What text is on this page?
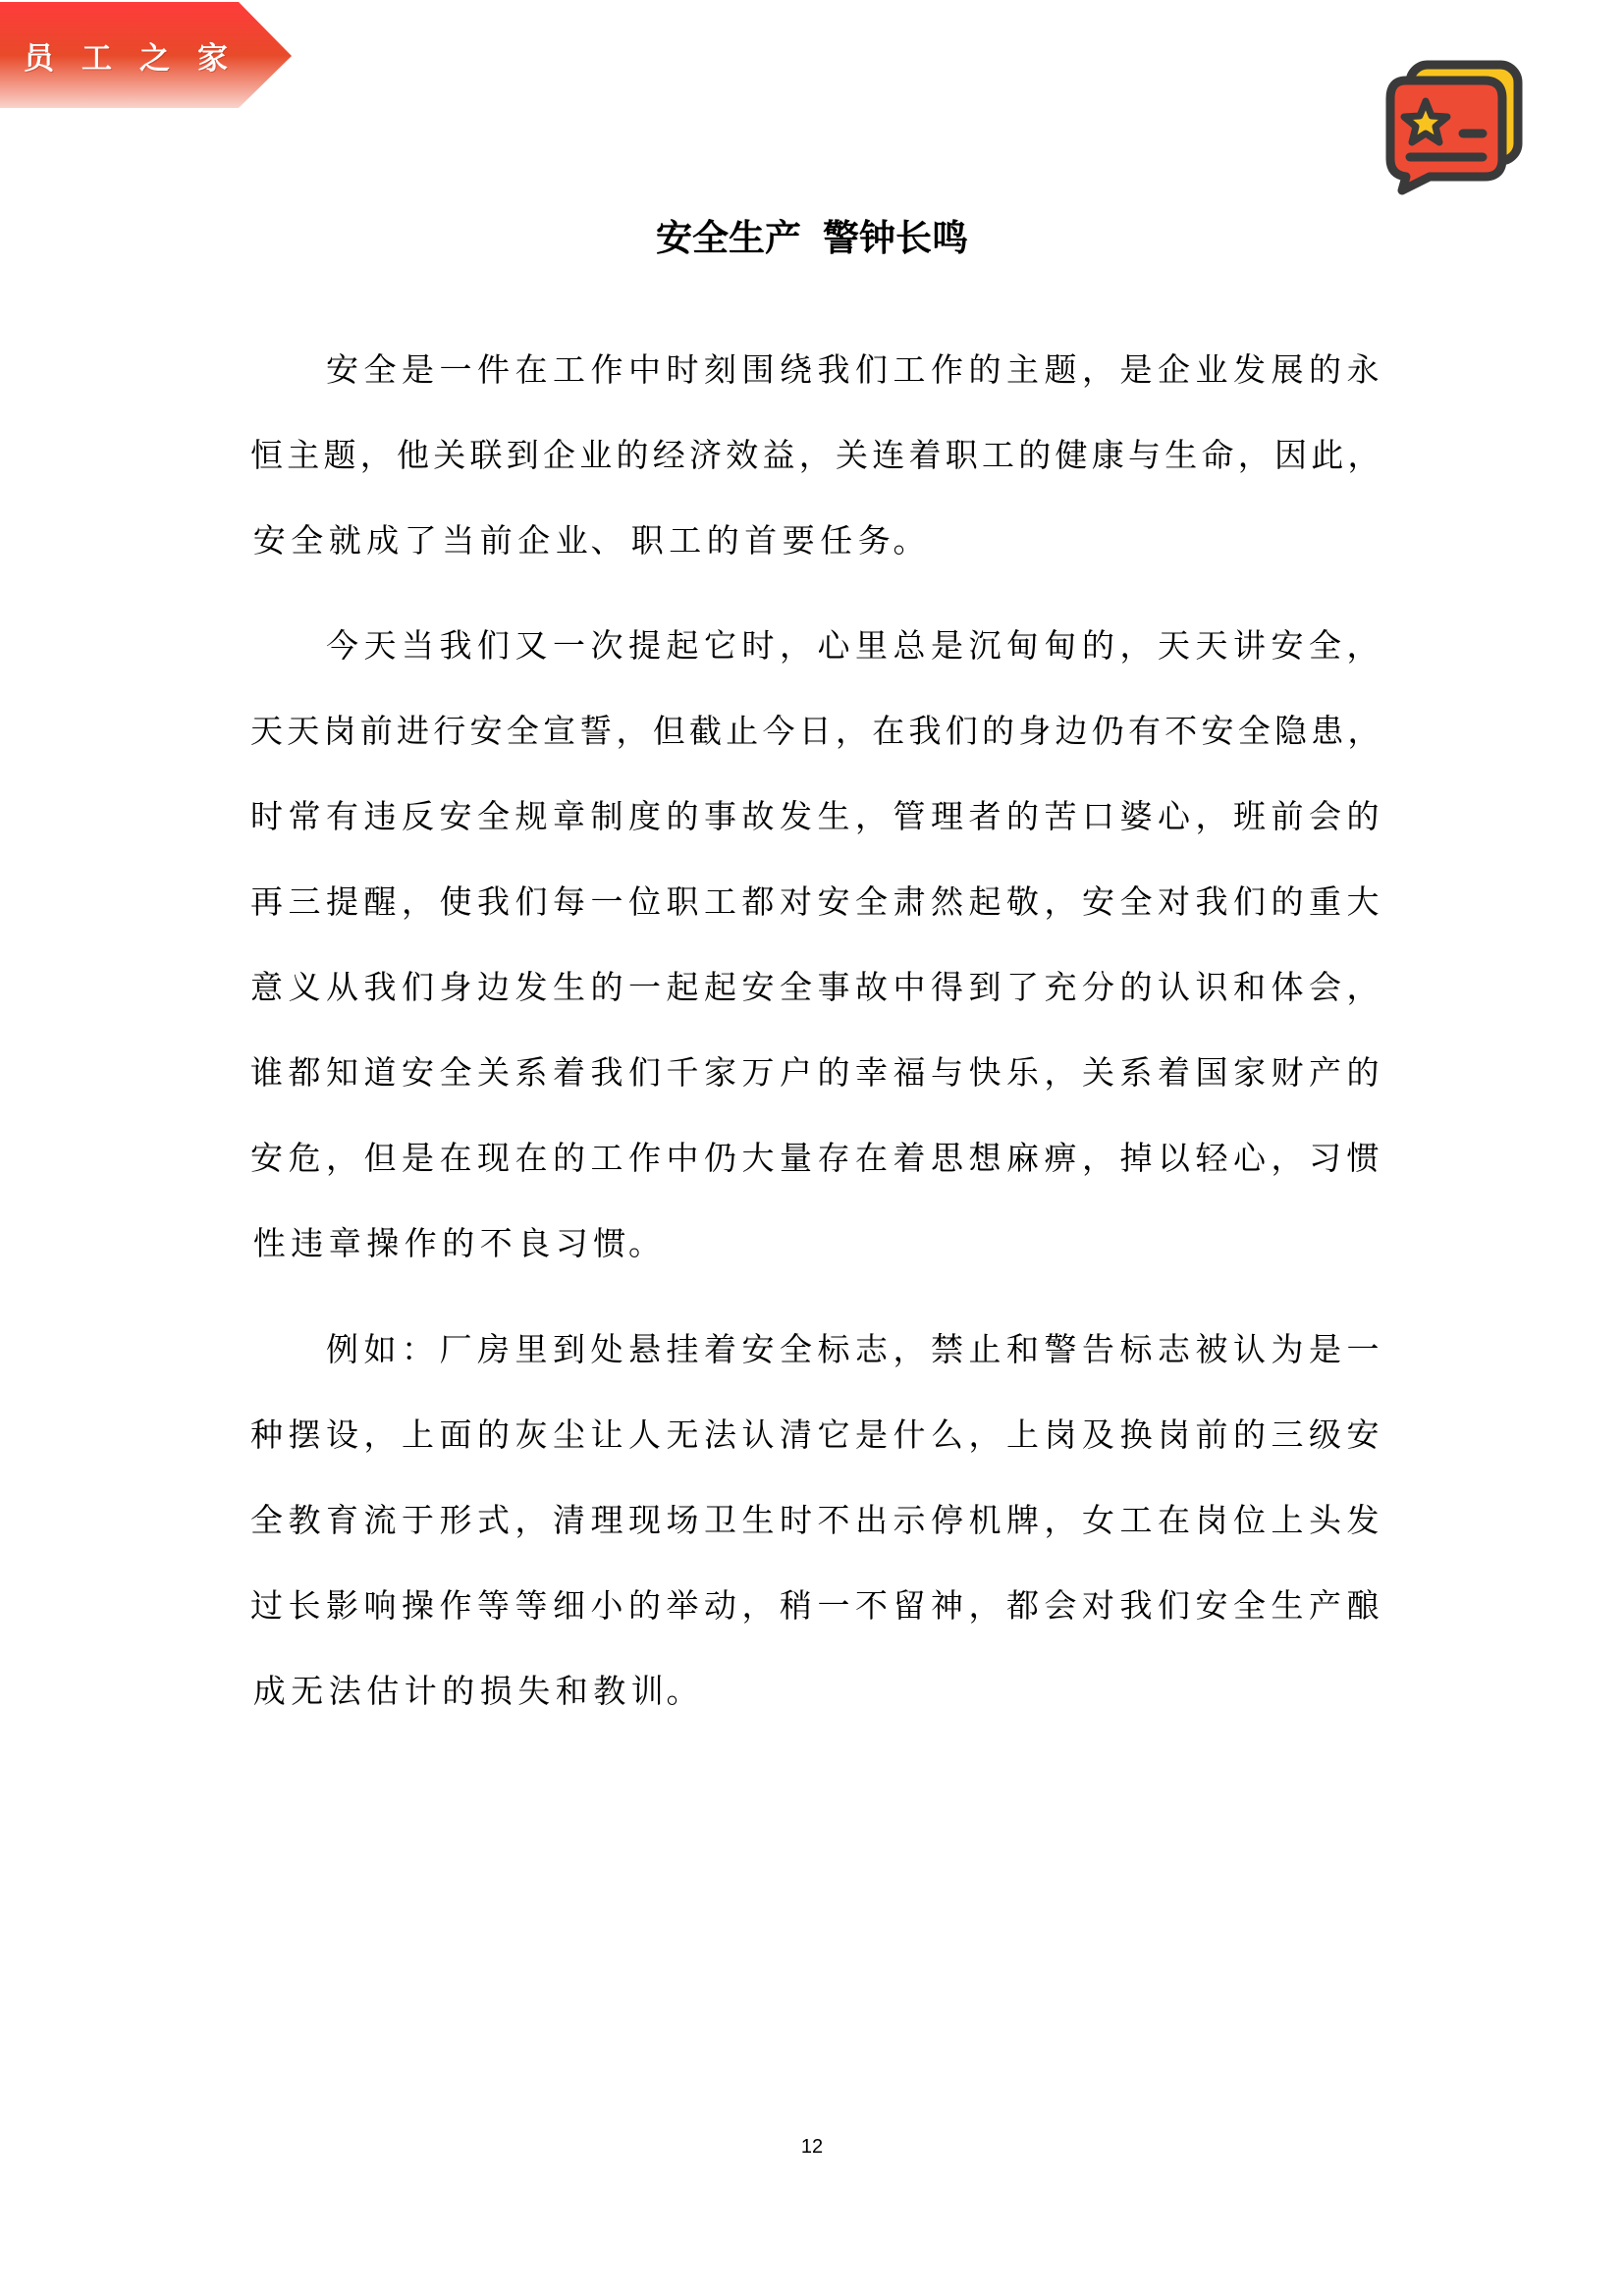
员 工 之 家
安全生产 警钟长鸣
安 全 是 一 件 在 工 作 中 时 刻 围 绕 我 们 工 作 的 主 题 ， 是 企 业 发 展 的 永
恒 主 题 ， 他 关 联 到 企 业 的 经 济 效 益 ， 关 连 着 职 工 的 健 康 与 生 命 ， 因 此 ，
安 全 就 成 了 当 前 企 业、 职 工 的 首 要 任 务。
今 天 当 我 们 又 一 次 提 起 它 时 ， 心 里 总 是 沉 甸 甸 的 ， 天 天 讲 安 全 ，
天 天 岗 前 进 行 安 全 宣 誓 ， 但 截 止 今 日 ， 在 我 们 的 身 边 仍 有 不 安 全 隐 患 ，
时 常 有 违 反 安 全 规 章 制 度 的 事 故 发 生 ， 管 理 者 的 苦 口 婆 心 ， 班 前 会 的
再 三 提 醒 ， 使 我 们 每 一 位 职 工 都 对 安 全 肃 然 起 敬 ， 安 全 对 我 们 的 重 大
意 义 从 我 们 身 边 发 生 的 一 起 起 安 全 事 故 中 得 到 了 充 分 的 认 识 和 体 会 ，
谁 都 知 道 安 全 关 系 着 我 们 千 家 万 户 的 幸 福 与 快 乐 ， 关 系 着 国 家 财 产 的
安 危 ， 但 是 在 现 在 的 工 作 中 仍 大 量 存 在 着 思 想 麻 痹 ， 掉 以 轻 心 ， 习 惯
性 违 章 操 作 的 不 良 习 惯。
例 如 ： 厂 房 里 到 处 悬 挂 着 安 全 标 志 ， 禁 止 和 警 告 标 志 被 认 为 是 一
种 摆 设 ， 上 面 的 灰 尘 让 人 无 法 认 清 它 是 什 么 ， 上 岗 及 换 岗 前 的 三 级 安
全 教 育 流 于 形 式 ， 清 理 现 场 卫 生 时 不 出 示 停 机 牌 ， 女 工 在 岗 位 上 头 发
过 长 影 响 操 作 等 等 细 小 的 举 动 ， 稍 一 不 留 神 ， 都 会 对 我 们 安 全 生 产 酿
成 无 法 估 计 的 损 失 和 教 训。
12
